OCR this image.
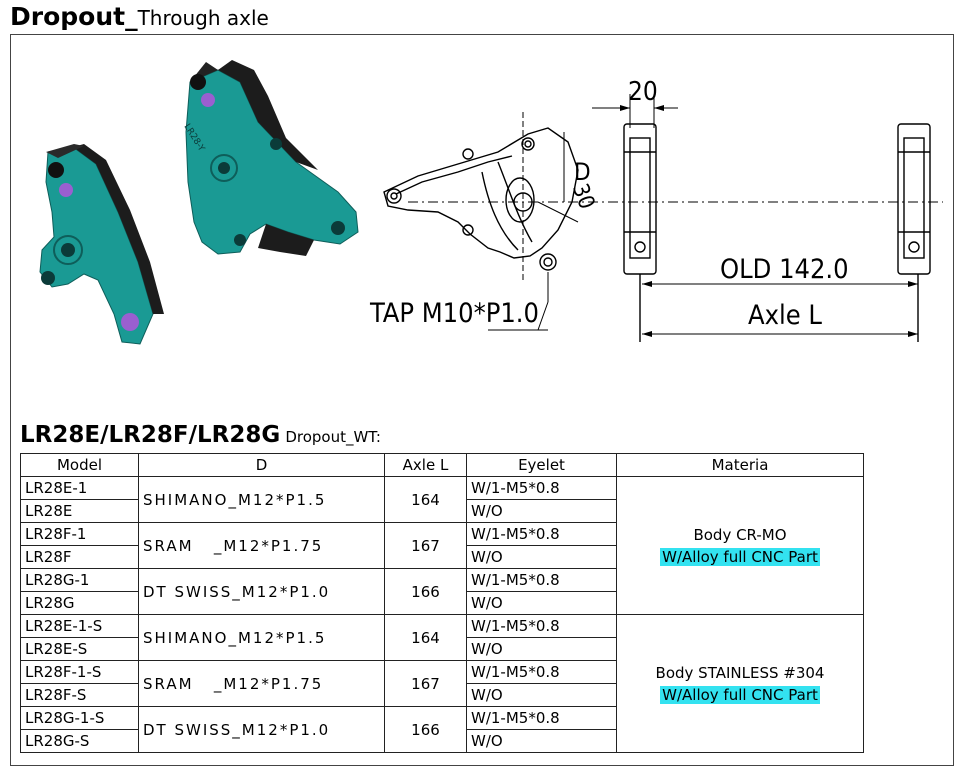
Dropout_Through axle
LR28-Y
20
D
30
TAP M10*P1.0
OLD 142.0
Axle L
LR28E/LR28F/LR28G Dropout_WT:
Model	D	Axle L	Eyelet	Materia
LR28E-1	SHIMANO_M12*P1.5	164	W/1-M5*0.8	Body CR-MO
W/Alloy full CNC Part

LR28E			W/O	
LR28F-1	SRAM   _M12*P1.75	167	W/1-M5*0.8	
LR28F			W/O	
LR28G-1	DT SWISS_M12*P1.0	166	W/1-M5*0.8	
LR28G			W/O	
LR28E-1-S	SHIMANO_M12*P1.5	164	W/1-M5*0.8	Body STAINLESS #304
W/Alloy full CNC Part

LR28E-S			W/O	
LR28F-1-S	SRAM   _M12*P1.75	167	W/1-M5*0.8	
LR28F-S			W/O	
LR28G-1-S	DT SWISS_M12*P1.0	166	W/1-M5*0.8	
LR28G-S			W/O	
